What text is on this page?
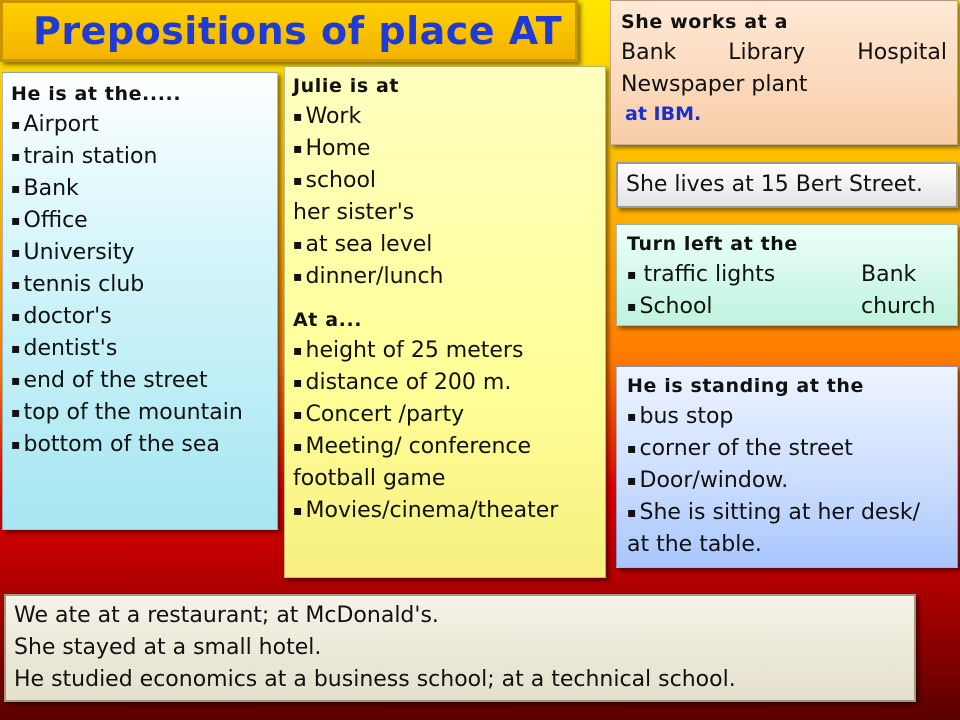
Prepositions of place AT
He is at the.....
▪ Airport
▪ train station
▪ Bank
▪ Office
▪ University
▪ tennis club
▪ doctor's
▪ dentist's
▪ end of the street
▪ top of the mountain
▪ bottom of the sea
Julie is at
▪ Work
▪ Home
▪ school
her sister's
▪ at sea level
▪ dinner/lunch
At a...
▪ height of 25 meters
▪ distance of 200 m.
▪ Concert /party
▪ Meeting/ conference
football game
▪ Movies/cinema/theater
She works at a
Bank Library Hospital
Newspaper plant
at IBM.
She lives at 15 Bert Street.
Turn left at the
▪ traffic lights	Bank
▪ School	church
He is standing at the
▪ bus stop
▪ corner of the street
▪ Door/window.
▪ She is sitting at her desk/
at the table.
We ate at a restaurant; at McDonald's.
She stayed at a small hotel.
He studied economics at a business school; at a technical school.
